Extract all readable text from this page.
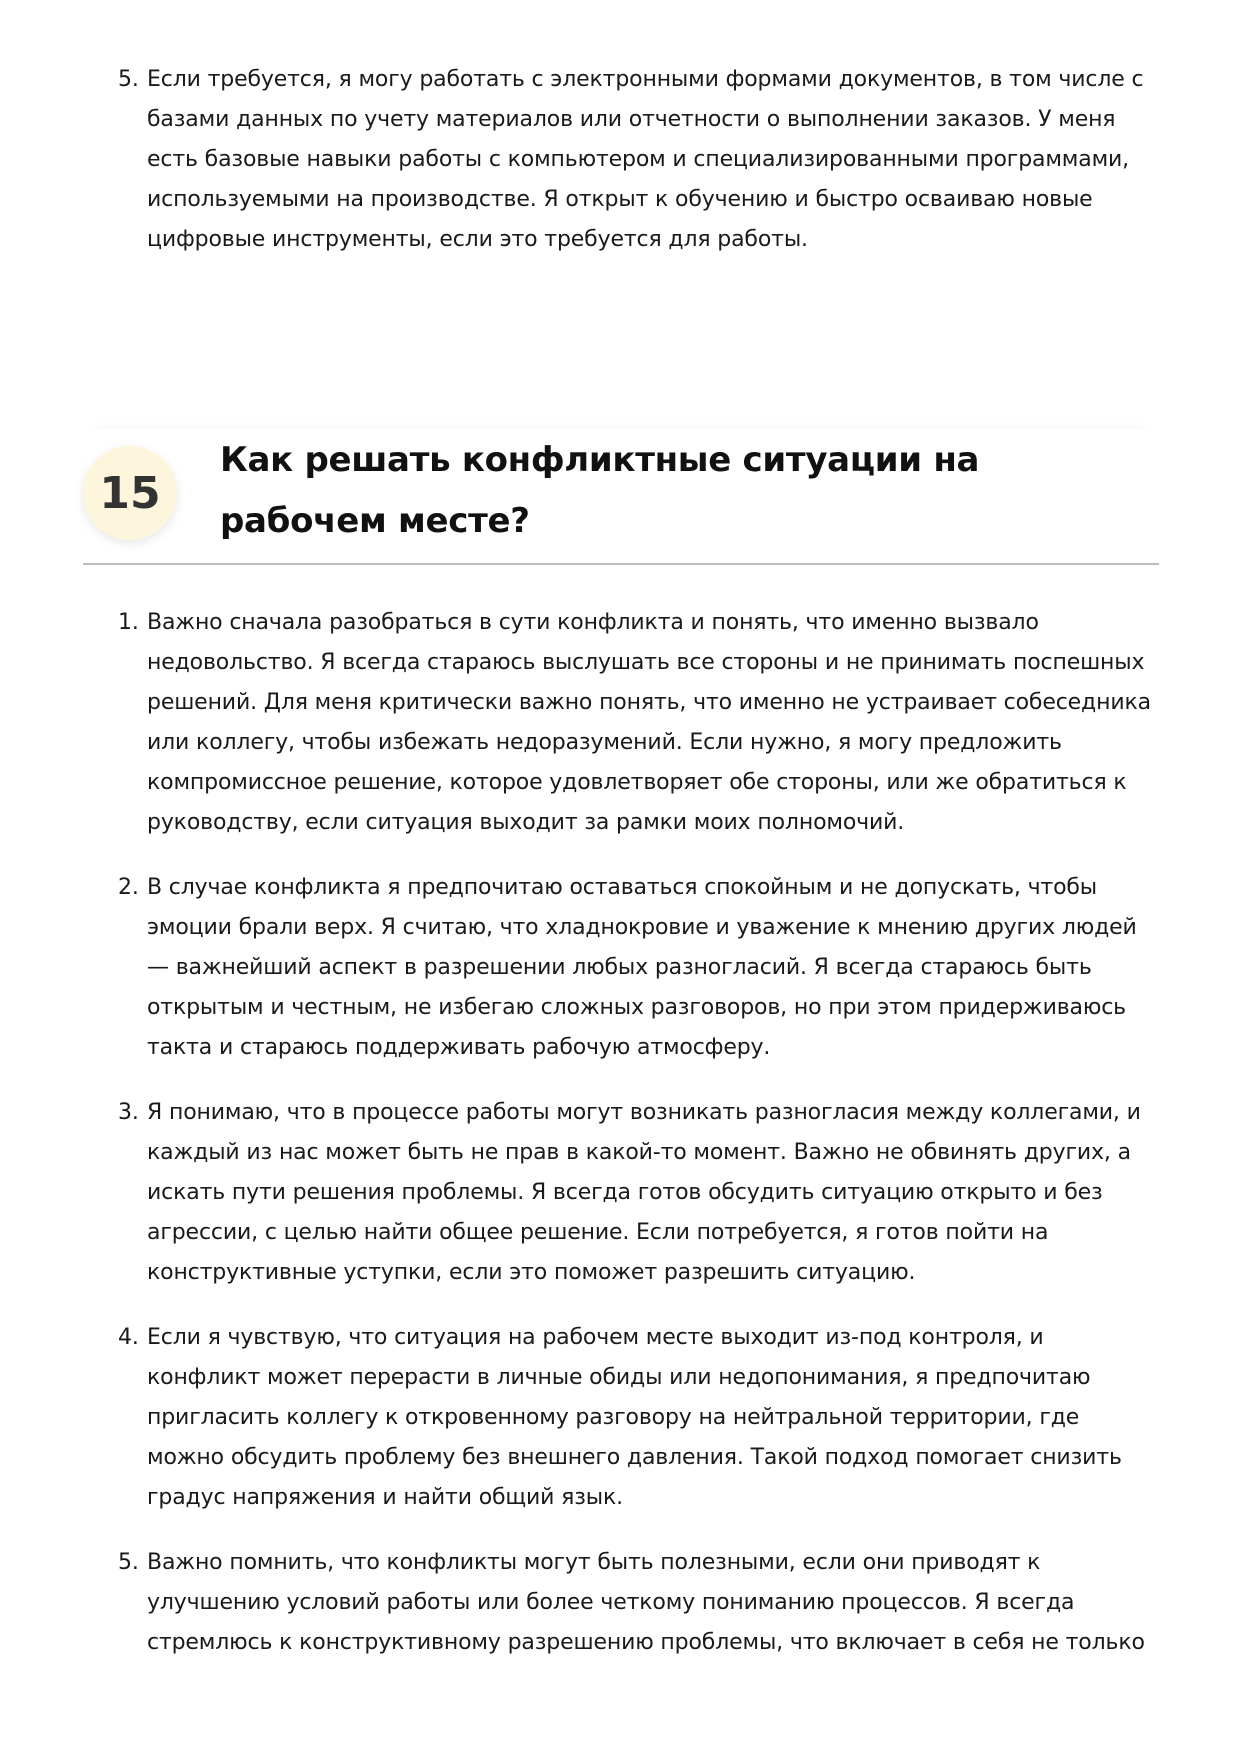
5. Если требуется, я могу работать с электронными формами документов, в том числе с базами данных по учету материалов или отчетности о выполнении заказов. У меня есть базовые навыки работы с компьютером и специализированными программами, используемыми на производстве. Я открыт к обучению и быстро осваиваю новые цифровые инструменты, если это требуется для работы.
15
Как решать конфликтные ситуации на рабочем месте?
1. Важно сначала разобраться в сути конфликта и понять, что именно вызвало недовольство. Я всегда стараюсь выслушать все стороны и не принимать поспешных решений. Для меня критически важно понять, что именно не устраивает собеседника или коллегу, чтобы избежать недоразумений. Если нужно, я могу предложить компромиссное решение, которое удовлетворяет обе стороны, или же обратиться к руководству, если ситуация выходит за рамки моих полномочий.
2. В случае конфликта я предпочитаю оставаться спокойным и не допускать, чтобы эмоции брали верх. Я считаю, что хладнокровие и уважение к мнению других людей — важнейший аспект в разрешении любых разногласий. Я всегда стараюсь быть открытым и честным, не избегаю сложных разговоров, но при этом придерживаюсь такта и стараюсь поддерживать рабочую атмосферу.
3. Я понимаю, что в процессе работы могут возникать разногласия между коллегами, и каждый из нас может быть не прав в какой-то момент. Важно не обвинять других, а искать пути решения проблемы. Я всегда готов обсудить ситуацию открыто и без агрессии, с целью найти общее решение. Если потребуется, я готов пойти на конструктивные уступки, если это поможет разрешить ситуацию.
4. Если я чувствую, что ситуация на рабочем месте выходит из-под контроля, и конфликт может перерасти в личные обиды или недопонимания, я предпочитаю пригласить коллегу к откровенному разговору на нейтральной территории, где можно обсудить проблему без внешнего давления. Такой подход помогает снизить градус напряжения и найти общий язык.
5. Важно помнить, что конфликты могут быть полезными, если они приводят к улучшению условий работы или более четкому пониманию процессов. Я всегда стремлюсь к конструктивному разрешению проблемы, что включает в себя не только
